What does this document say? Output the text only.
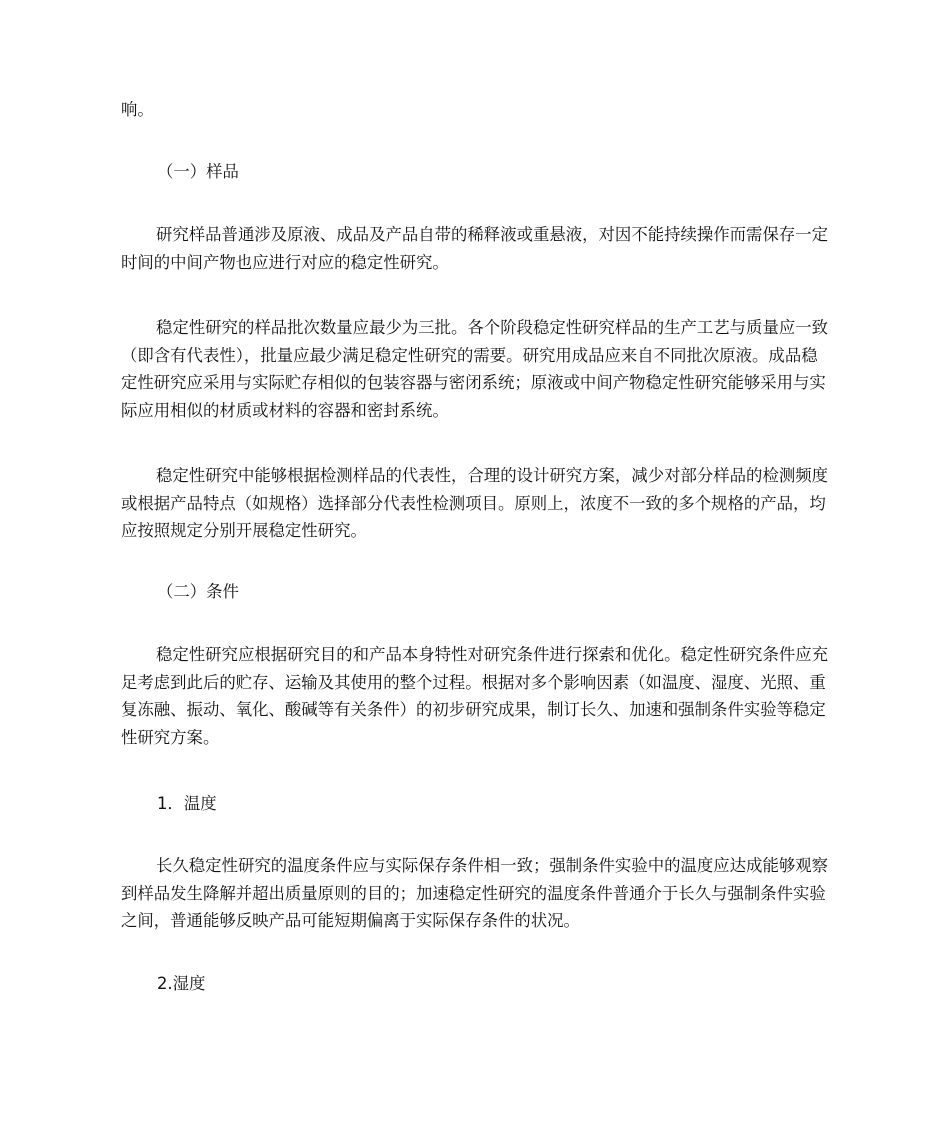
响。

（一）样品

研究样品普通涉及原液、成品及产品自带的稀释液或重悬液，对因不能持续操作而需保存一定时间的中间产物也应进行对应的稳定性研究。

稳定性研究的样品批次数量应最少为三批。各个阶段稳定性研究样品的生产工艺与质量应一致（即含有代表性），批量应最少满足稳定性研究的需要。研究用成品应来自不同批次原液。成品稳定性研究应采用与实际贮存相似的包装容器与密闭系统；原液或中间产物稳定性研究能够采用与实际应用相似的材质或材料的容器和密封系统。

稳定性研究中能够根据检测样品的代表性，合理的设计研究方案，减少对部分样品的检测频度或根据产品特点（如规格）选择部分代表性检测项目。原则上，浓度不一致的多个规格的产品，均应按照规定分别开展稳定性研究。

（二）条件

稳定性研究应根据研究目的和产品本身特性对研究条件进行探索和优化。稳定性研究条件应充足考虑到此后的贮存、运输及其使用的整个过程。根据对多个影响因素（如温度、湿度、光照、重复冻融、振动、氧化、酸碱等有关条件）的初步研究成果，制订长久、加速和强制条件实验等稳定性研究方案。

1．温度

长久稳定性研究的温度条件应与实际保存条件相一致；强制条件实验中的温度应达成能够观察到样品发生降解并超出质量原则的目的；加速稳定性研究的温度条件普通介于长久与强制条件实验之间，普通能够反映产品可能短期偏离于实际保存条件的状况。

2.湿度
